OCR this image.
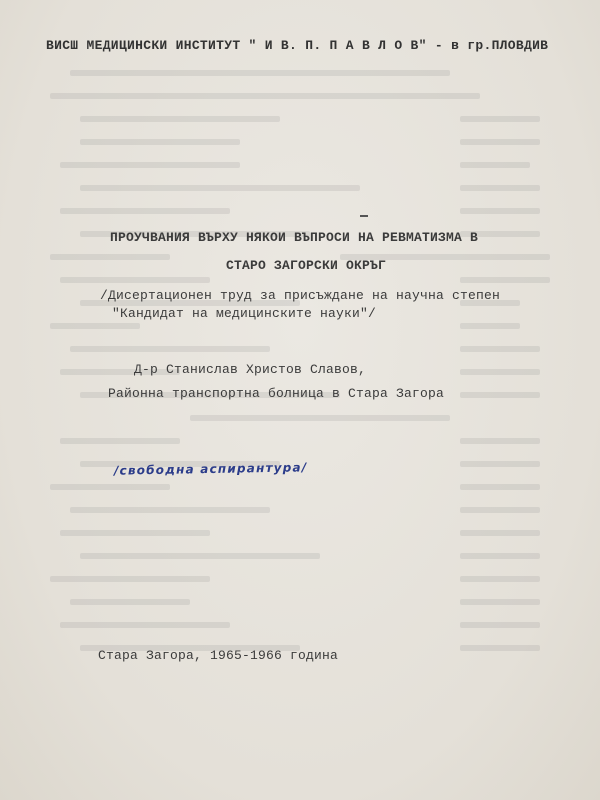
ВИСШ МЕДИЦИНСКИ ИНСТИТУТ " И В. П. П А В Л О В" - в гр.ПЛОВДИВ
ПРОУЧВАНИЯ ВЪРХУ НЯКОИ ВЪПРОСИ НА РЕВМАТИЗМА В
СТАРО ЗАГОРСКИ ОКРЪГ
/Дисертационен труд за присъждане на научна степен
"Кандидат на медицинските науки"/
Д-р Станислав Христов Славов,
Районна транспортна болница в Стара Загора
/свободна аспирантура/
Стара Загора, 1965-1966 година
